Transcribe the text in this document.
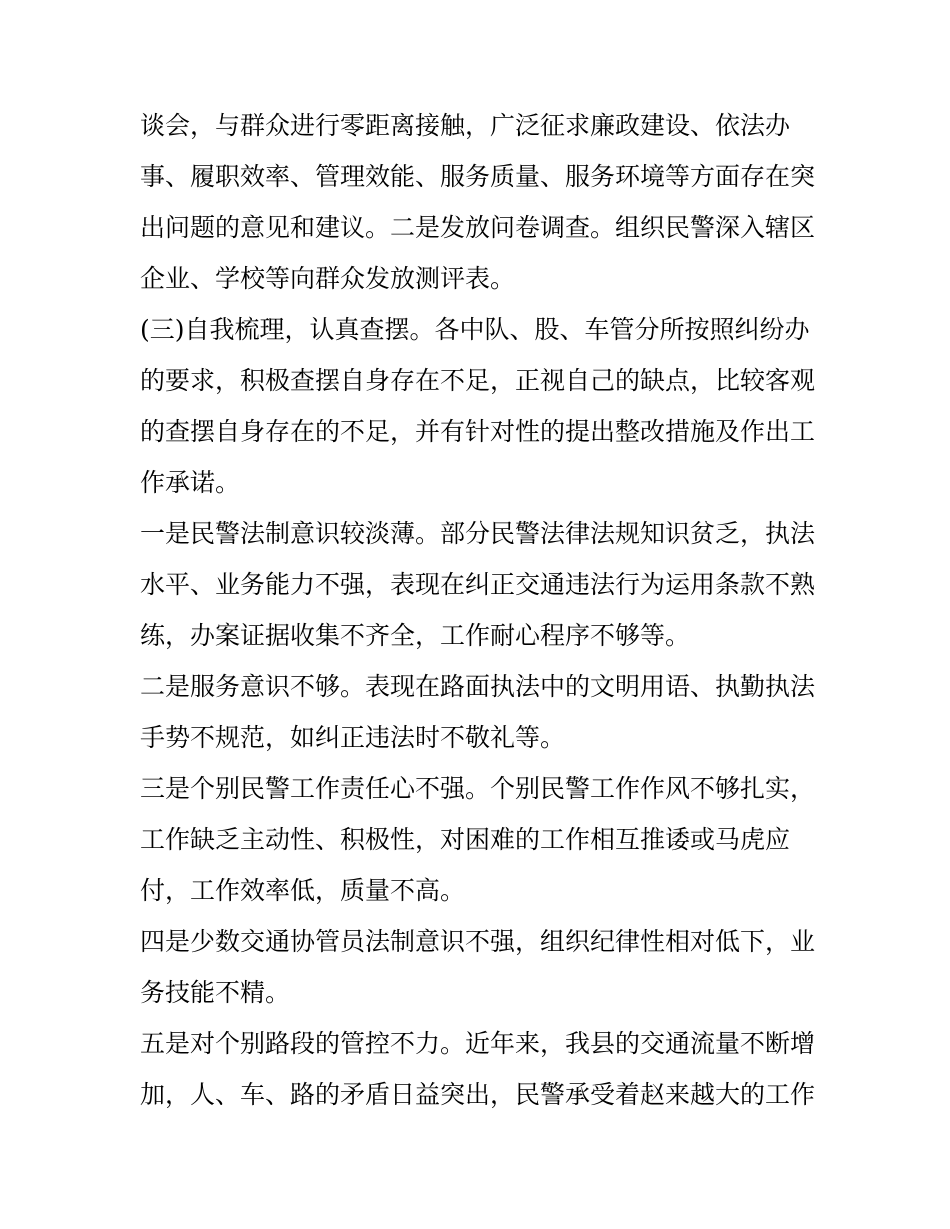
谈会，与群众进行零距离接触，广泛征求廉政建设、依法办
事、履职效率、管理效能、服务质量、服务环境等方面存在突
出问题的意见和建议。二是发放问卷调查。组织民警深入辖区
企业、学校等向群众发放测评表。

(三)自我梳理，认真查摆。各中队、股、车管分所按照纠纷办
的要求，积极查摆自身存在不足，正视自己的缺点，比较客观
的查摆自身存在的不足，并有针对性的提出整改措施及作出工
作承诺。

一是民警法制意识较淡薄。部分民警法律法规知识贫乏，执法
水平、业务能力不强，表现在纠正交通违法行为运用条款不熟
练，办案证据收集不齐全，工作耐心程序不够等。

二是服务意识不够。表现在路面执法中的文明用语、执勤执法
手势不规范，如纠正违法时不敬礼等。

三是个别民警工作责任心不强。个别民警工作作风不够扎实，
工作缺乏主动性、积极性，对困难的工作相互推诿或马虎应
付，工作效率低，质量不高。

四是少数交通协管员法制意识不强，组织纪律性相对低下，业
务技能不精。

五是对个别路段的管控不力。近年来，我县的交通流量不断增
加，人、车、路的矛盾日益突出，民警承受着赵来越大的工作
